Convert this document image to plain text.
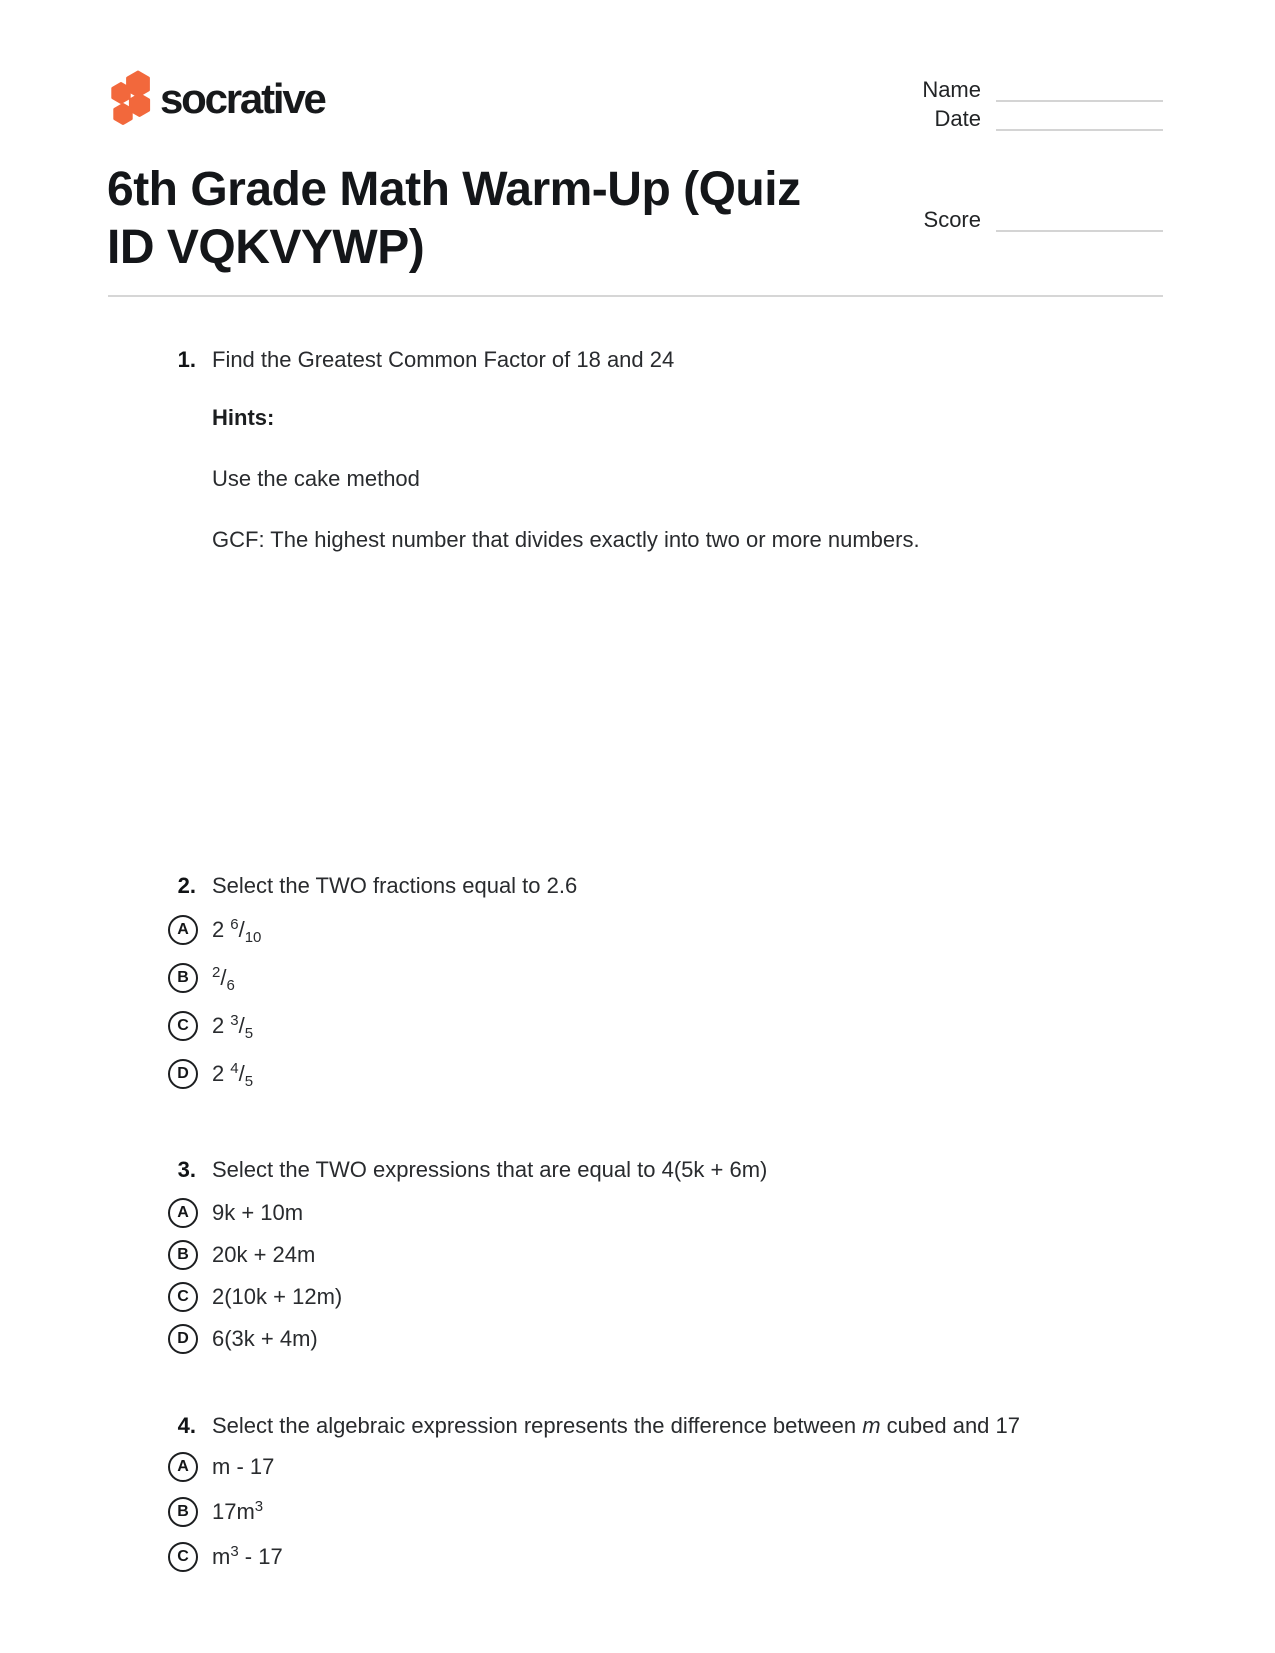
socrative	Name
Date
Score
6th Grade Math Warm-Up (Quiz ID VQKVYWP)
1. Find the Greatest Common Factor of 18 and 24

Hints:

Use the cake method

GCF: The highest number that divides exactly into two or more numbers.

2. Select the TWO fractions equal to 2.6

A 2 $^6/_{10}$
B $^2/_6$
C 2 $^3/_5$
D 2 $^4/_5$
3. Select the TWO expressions that are equal to 4(5k + 6m)

A 9k + 10m
B 20k + 24m
C 2(10k + 12m)
D 6(3k + 4m)
4. Select the algebraic expression represents the difference between m cubed and 17

A m - 17
B $17m^3$
C $m^3 - 17$
